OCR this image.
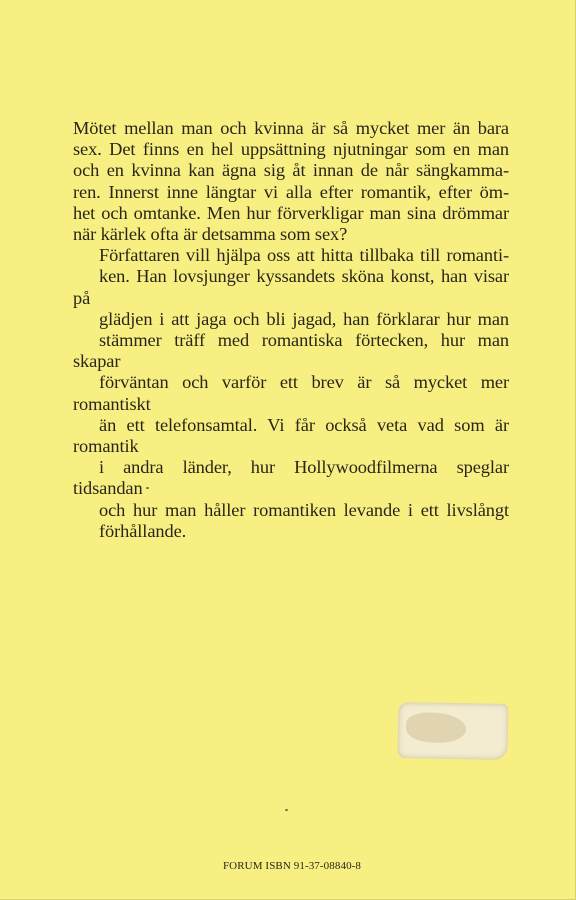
Mötet mellan man och kvinna är så mycket mer än bara
sex. Det finns en hel uppsättning njutningar som en man
och en kvinna kan ägna sig åt innan de når sängkamma-
ren. Innerst inne längtar vi alla efter romantik, efter öm-
het och omtanke. Men hur förverkligar man sina drömmar när kärlek ofta är detsamma som sex?

Författaren vill hjälpa oss att hitta tillbaka till romanti-
ken. Han lovsjunger kyssandets sköna konst, han visar på
glädjen i att jaga och bli jagad, han förklarar hur man
stämmer träff med romantiska förtecken, hur man skapar
förväntan och varför ett brev är så mycket mer romantiskt
än ett telefonsamtal. Vi får också veta vad som är romantik
i andra länder, hur Hollywoodfilmerna speglar tidsandan
och hur man håller romantiken levande i ett livslångt
förhållande.

FORUM ISBN 91-37-08840-8
